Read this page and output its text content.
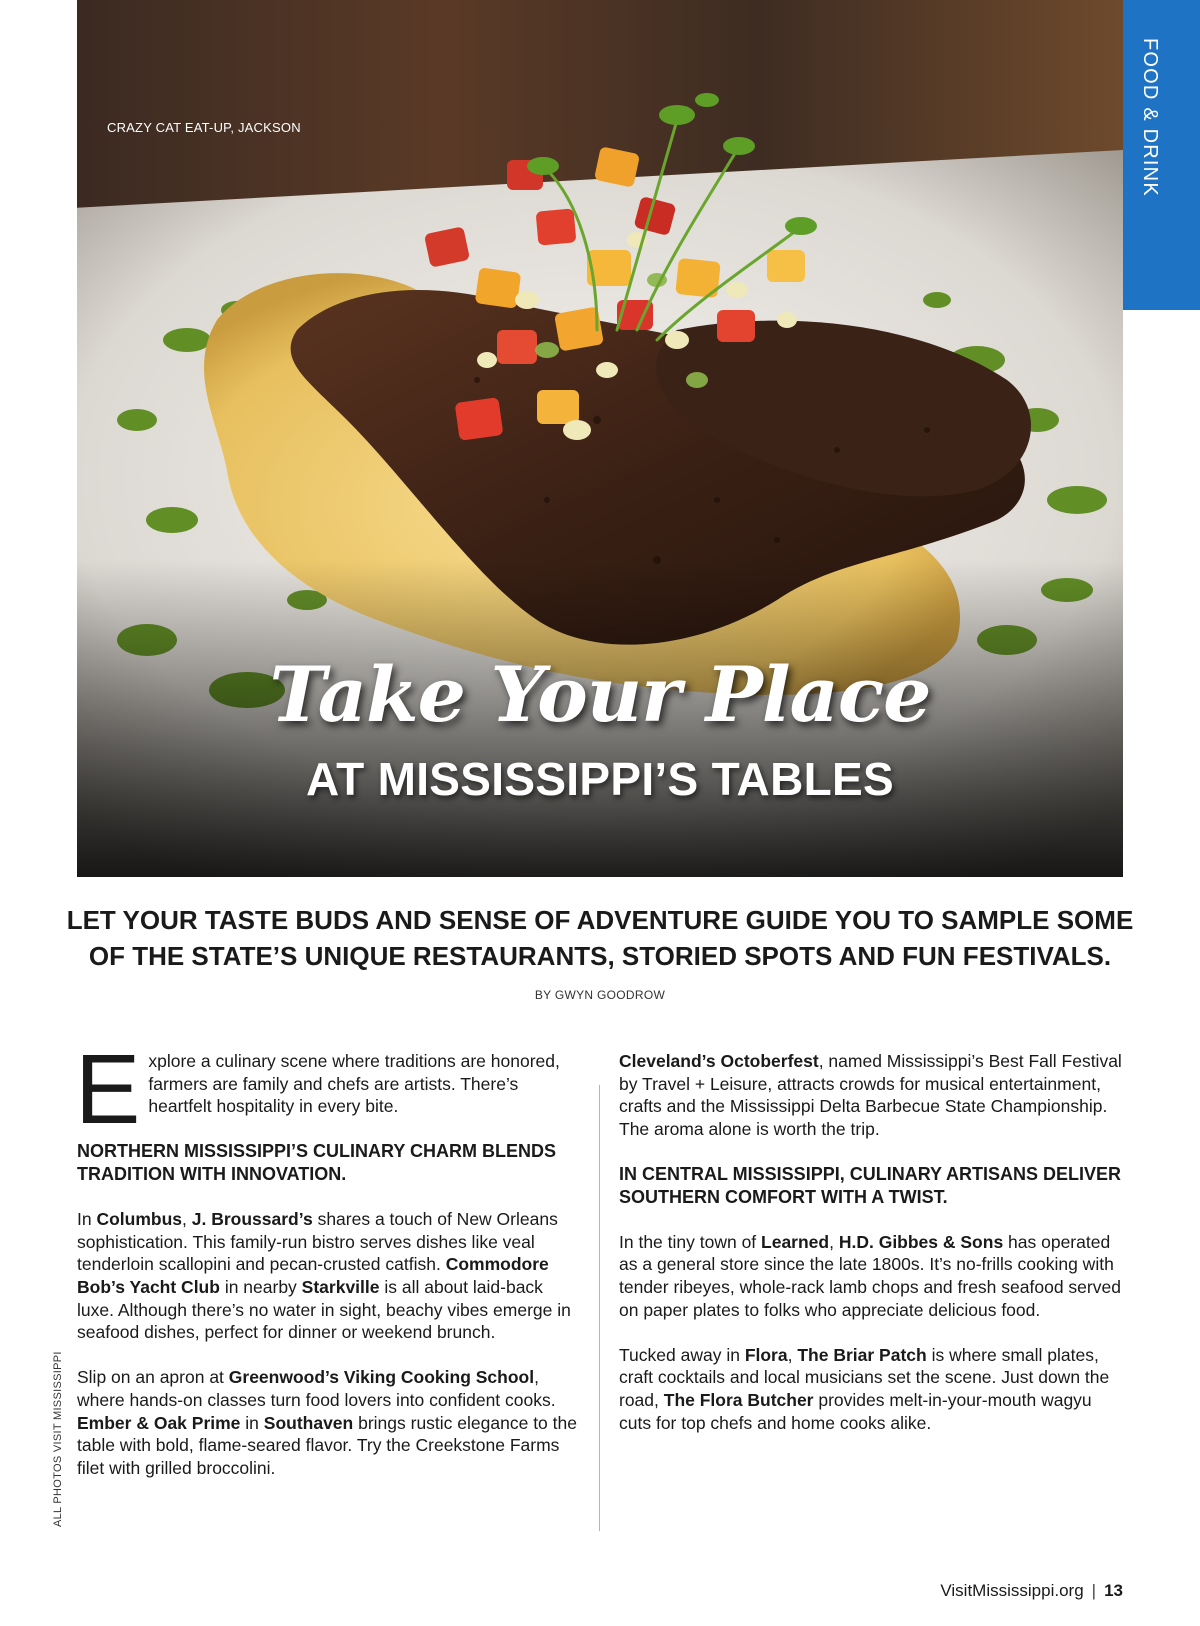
CRAZY CAT EAT-UP, JACKSON
Take Your Place
AT MISSISSIPPI’S TABLES
FOOD & DRINK

LET YOUR TASTE BUDS AND SENSE OF ADVENTURE GUIDE YOU TO SAMPLE SOME OF THE STATE’S UNIQUE RESTAURANTS, STORIED SPOTS AND FUN FESTIVALS.

BY GWYN GOODROW

Explore a culinary scene where traditions are honored, farmers are family and chefs are artists. There’s heartfelt hospitality in every bite.

NORTHERN MISSISSIPPI’S CULINARY CHARM BLENDS TRADITION WITH INNOVATION.

In Columbus, J. Broussard’s shares a touch of New Orleans sophistication. This family-run bistro serves dishes like veal tenderloin scallopini and pecan-crusted catfish. Commodore Bob’s Yacht Club in nearby Starkville is all about laid-back luxe. Although there’s no water in sight, beachy vibes emerge in seafood dishes, perfect for dinner or weekend brunch.

Slip on an apron at Greenwood’s Viking Cooking School, where hands-on classes turn food lovers into confident cooks. Ember & Oak Prime in Southaven brings rustic elegance to the table with bold, flame-seared flavor. Try the Creekstone Farms filet with grilled broccolini.

Cleveland’s Octoberfest, named Mississippi’s Best Fall Festival by Travel + Leisure, attracts crowds for musical entertainment, crafts and the Mississippi Delta Barbecue State Championship. The aroma alone is worth the trip.

IN CENTRAL MISSISSIPPI, CULINARY ARTISANS DELIVER SOUTHERN COMFORT WITH A TWIST.

In the tiny town of Learned, H.D. Gibbes & Sons has operated as a general store since the late 1800s. It’s no-frills cooking with tender ribeyes, whole-rack lamb chops and fresh seafood served on paper plates to folks who appreciate delicious food.

Tucked away in Flora, The Briar Patch is where small plates, craft cocktails and local musicians set the scene. Just down the road, The Flora Butcher provides melt-in-your-mouth wagyu cuts for top chefs and home cooks alike.

ALL PHOTOS VISIT MISSISSIPPI
VisitMississippi.org | 13
